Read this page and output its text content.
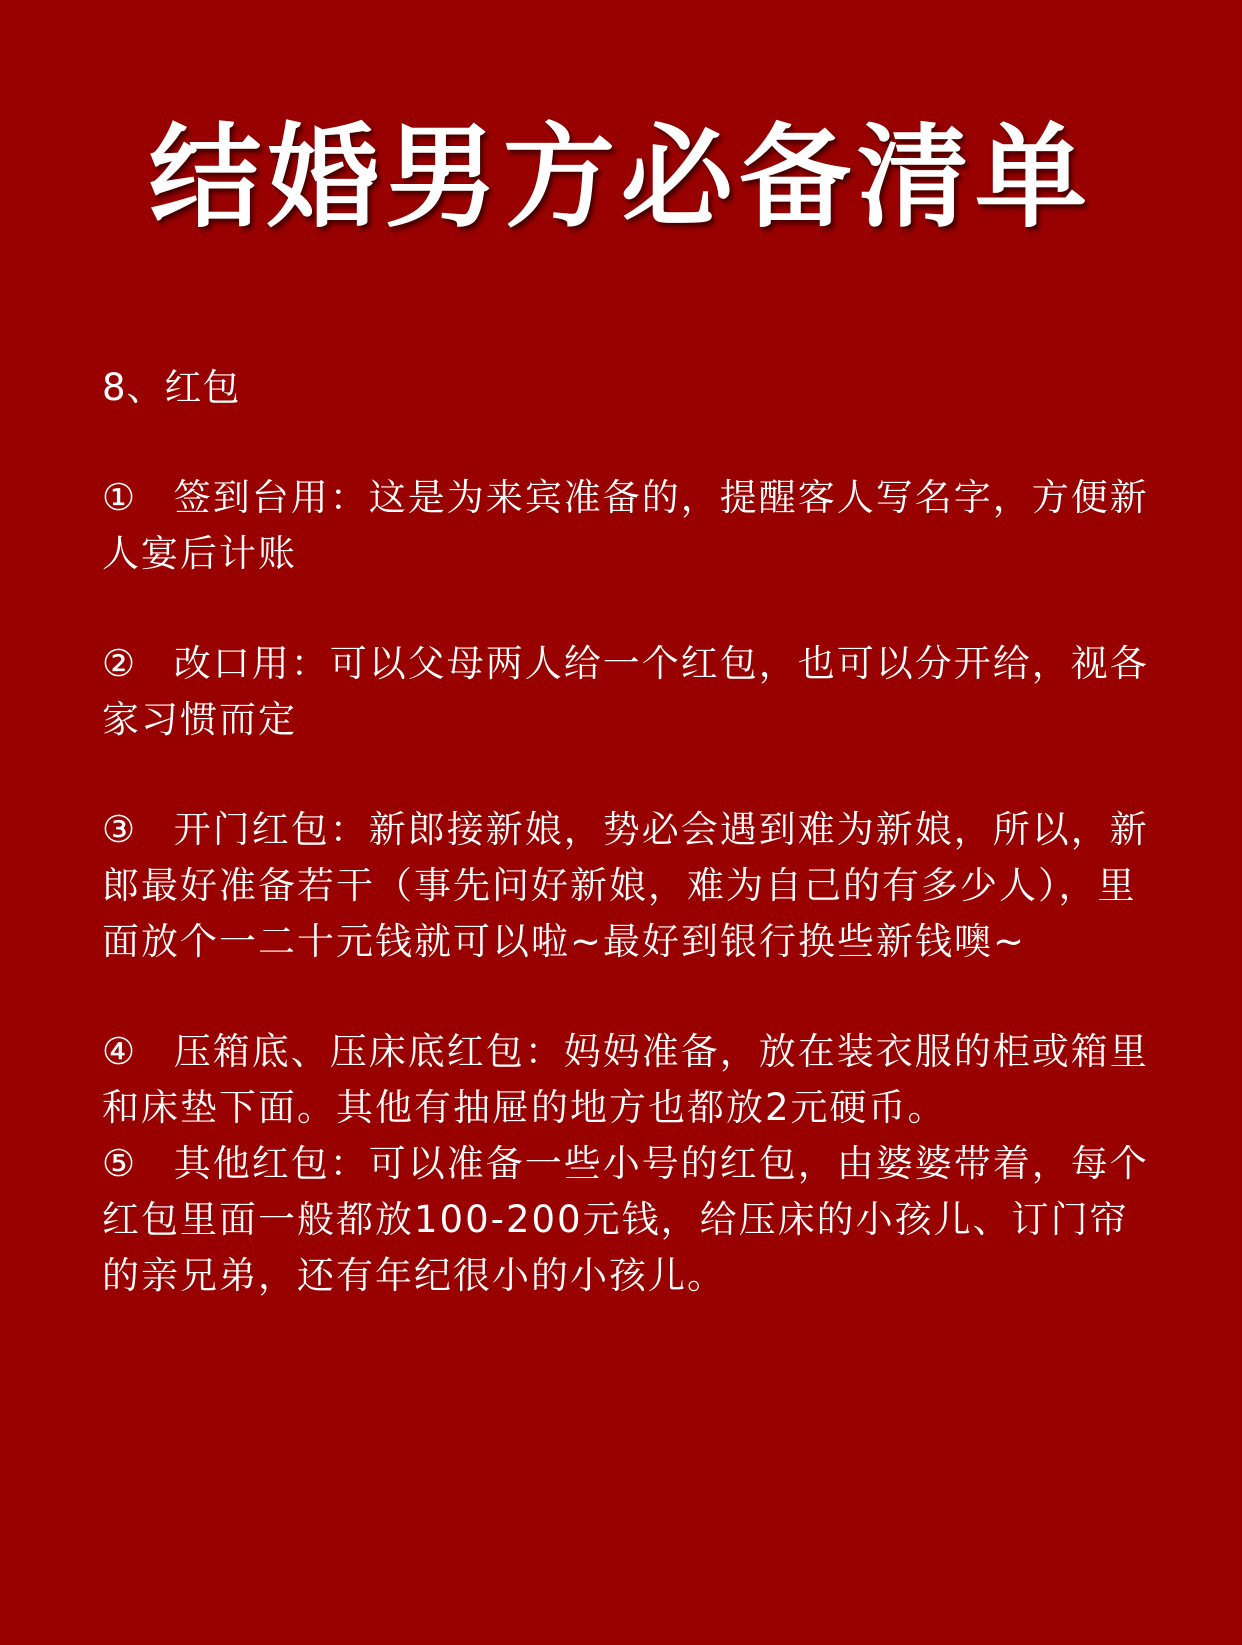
结婚男方必备清单

8、红包

① 签到台用：这是为来宾准备的，提醒客人写名字，方便新人宴后计账

② 改口用：可以父母两人给一个红包，也可以分开给，视各家习惯而定

③ 开门红包：新郎接新娘，势必会遇到难为新娘，所以，新郎最好准备若干（事先问好新娘，难为自己的有多少人），里面放个一二十元钱就可以啦~最好到银行换些新钱噢~

④ 压箱底、压床底红包：妈妈准备，放在装衣服的柜或箱里和床垫下面。其他有抽屉的地方也都放2元硬币。

⑤ 其他红包：可以准备一些小号的红包，由婆婆带着，每个红包里面一般都放100-200元钱，给压床的小孩儿、订门帘的亲兄弟，还有年纪很小的小孩儿。
